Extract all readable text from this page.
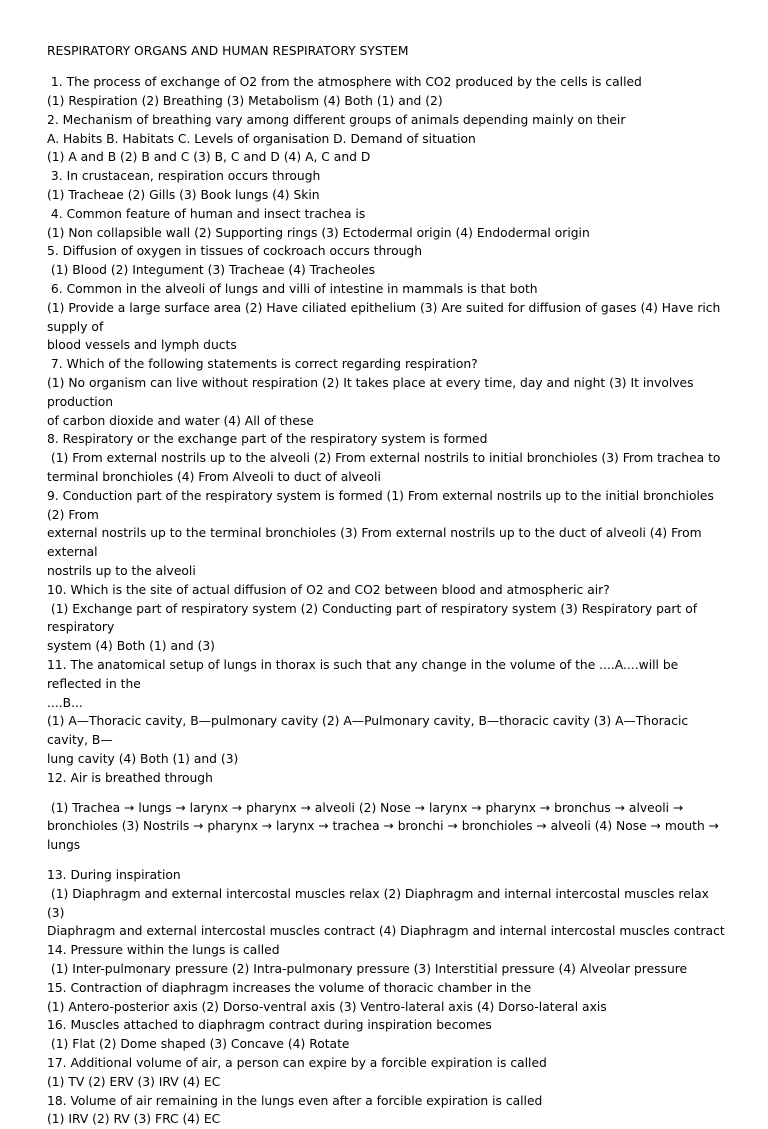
RESPIRATORY ORGANS AND HUMAN RESPIRATORY SYSTEM
1. The process of exchange of O2 from the atmosphere with CO2 produced by the cells is called
(1) Respiration (2) Breathing (3) Metabolism (4) Both (1) and (2)
2. Mechanism of breathing vary among different groups of animals depending mainly on their
A. Habits B. Habitats C. Levels of organisation D. Demand of situation
(1) A and B (2) B and C (3) B, C and D (4) A, C and D
3. In crustacean, respiration occurs through
(1) Tracheae (2) Gills (3) Book lungs (4) Skin
4. Common feature of human and insect trachea is
(1) Non collapsible wall (2) Supporting rings (3) Ectodermal origin (4) Endodermal origin
5. Diffusion of oxygen in tissues of cockroach occurs through
(1) Blood (2) Integument (3) Tracheae (4) Tracheoles
6. Common in the alveoli of lungs and villi of intestine in mammals is that both
(1) Provide a large surface area (2) Have ciliated epithelium (3) Are suited for diffusion of gases (4) Have rich supply of
blood vessels and lymph ducts
7. Which of the following statements is correct regarding respiration?
(1) No organism can live without respiration (2) It takes place at every time, day and night (3) It involves production
of carbon dioxide and water (4) All of these
8. Respiratory or the exchange part of the respiratory system is formed
(1) From external nostrils up to the alveoli (2) From external nostrils to initial bronchioles (3) From trachea to
terminal bronchioles (4) From Alveoli to duct of alveoli
9. Conduction part of the respiratory system is formed (1) From external nostrils up to the initial bronchioles (2) From
external nostrils up to the terminal bronchioles (3) From external nostrils up to the duct of alveoli (4) From external
nostrils up to the alveoli
10. Which is the site of actual diffusion of O2 and CO2 between blood and atmospheric air?
(1) Exchange part of respiratory system (2) Conducting part of respiratory system (3) Respiratory part of respiratory
system (4) Both (1) and (3)
11. The anatomical setup of lungs in thorax is such that any change in the volume of the ....A....will be reflected in the
....B...
(1) A—Thoracic cavity, B—pulmonary cavity (2) A—Pulmonary cavity, B—thoracic cavity (3) A—Thoracic cavity, B—
lung cavity (4) Both (1) and (3)
12. Air is breathed through
(1) Trachea → lungs → larynx → pharynx → alveoli (2) Nose → larynx → pharynx → bronchus → alveoli →
bronchioles (3) Nostrils → pharynx → larynx → trachea → bronchi → bronchioles → alveoli (4) Nose → mouth →
lungs
13. During inspiration
(1) Diaphragm and external intercostal muscles relax (2) Diaphragm and internal intercostal muscles relax (3)
Diaphragm and external intercostal muscles contract (4) Diaphragm and internal intercostal muscles contract
14. Pressure within the lungs is called
(1) Inter-pulmonary pressure (2) Intra-pulmonary pressure (3) Interstitial pressure (4) Alveolar pressure
15. Contraction of diaphragm increases the volume of thoracic chamber in the
(1) Antero-posterior axis (2) Dorso-ventral axis (3) Ventro-lateral axis (4) Dorso-lateral axis
16. Muscles attached to diaphragm contract during inspiration becomes
(1) Flat (2) Dome shaped (3) Concave (4) Rotate
17. Additional volume of air, a person can expire by a forcible expiration is called
(1) TV (2) ERV (3) IRV (4) EC
18. Volume of air remaining in the lungs even after a forcible expiration is called
(1) IRV (2) RV (3) FRC (4) EC
